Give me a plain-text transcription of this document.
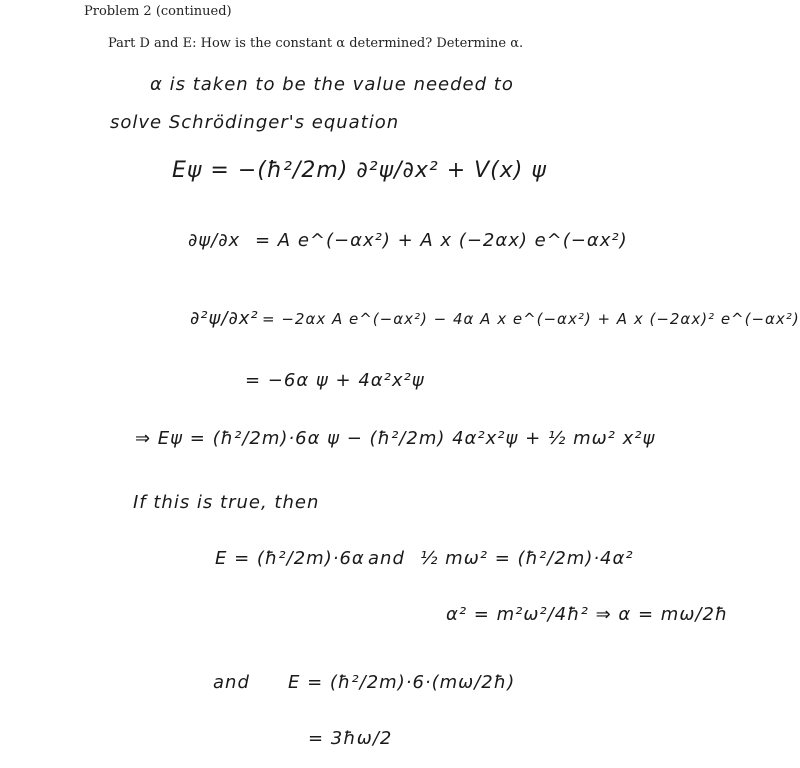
Problem 2 (continued)
Part D and E: How is the constant α determined? Determine α.
α is taken to be the value needed to
solve Schrödinger's equation
Eψ = −(ħ²/2m) ∂²ψ/∂x² + V(x) ψ
∂ψ/∂x = A e^(−αx²) + A x (−2αx) e^(−αx²)
∂²ψ/∂x² = −2αx A e^(−αx²) − 4α A x e^(−αx²) + A x (−2αx)² e^(−αx²)
= −6α ψ + 4α²x²ψ
⇒ Eψ = (ħ²/2m)·6α ψ − (ħ²/2m) 4α²x²ψ + ½ mω² x²ψ
If this is true, then
E = (ħ²/2m)·6α and ½ mω² = (ħ²/2m)·4α²
α² = m²ω²/4ħ² ⇒ α = mω/2ħ
and E = (ħ²/2m)·6·(mω/2ħ)
= 3ħω/2
